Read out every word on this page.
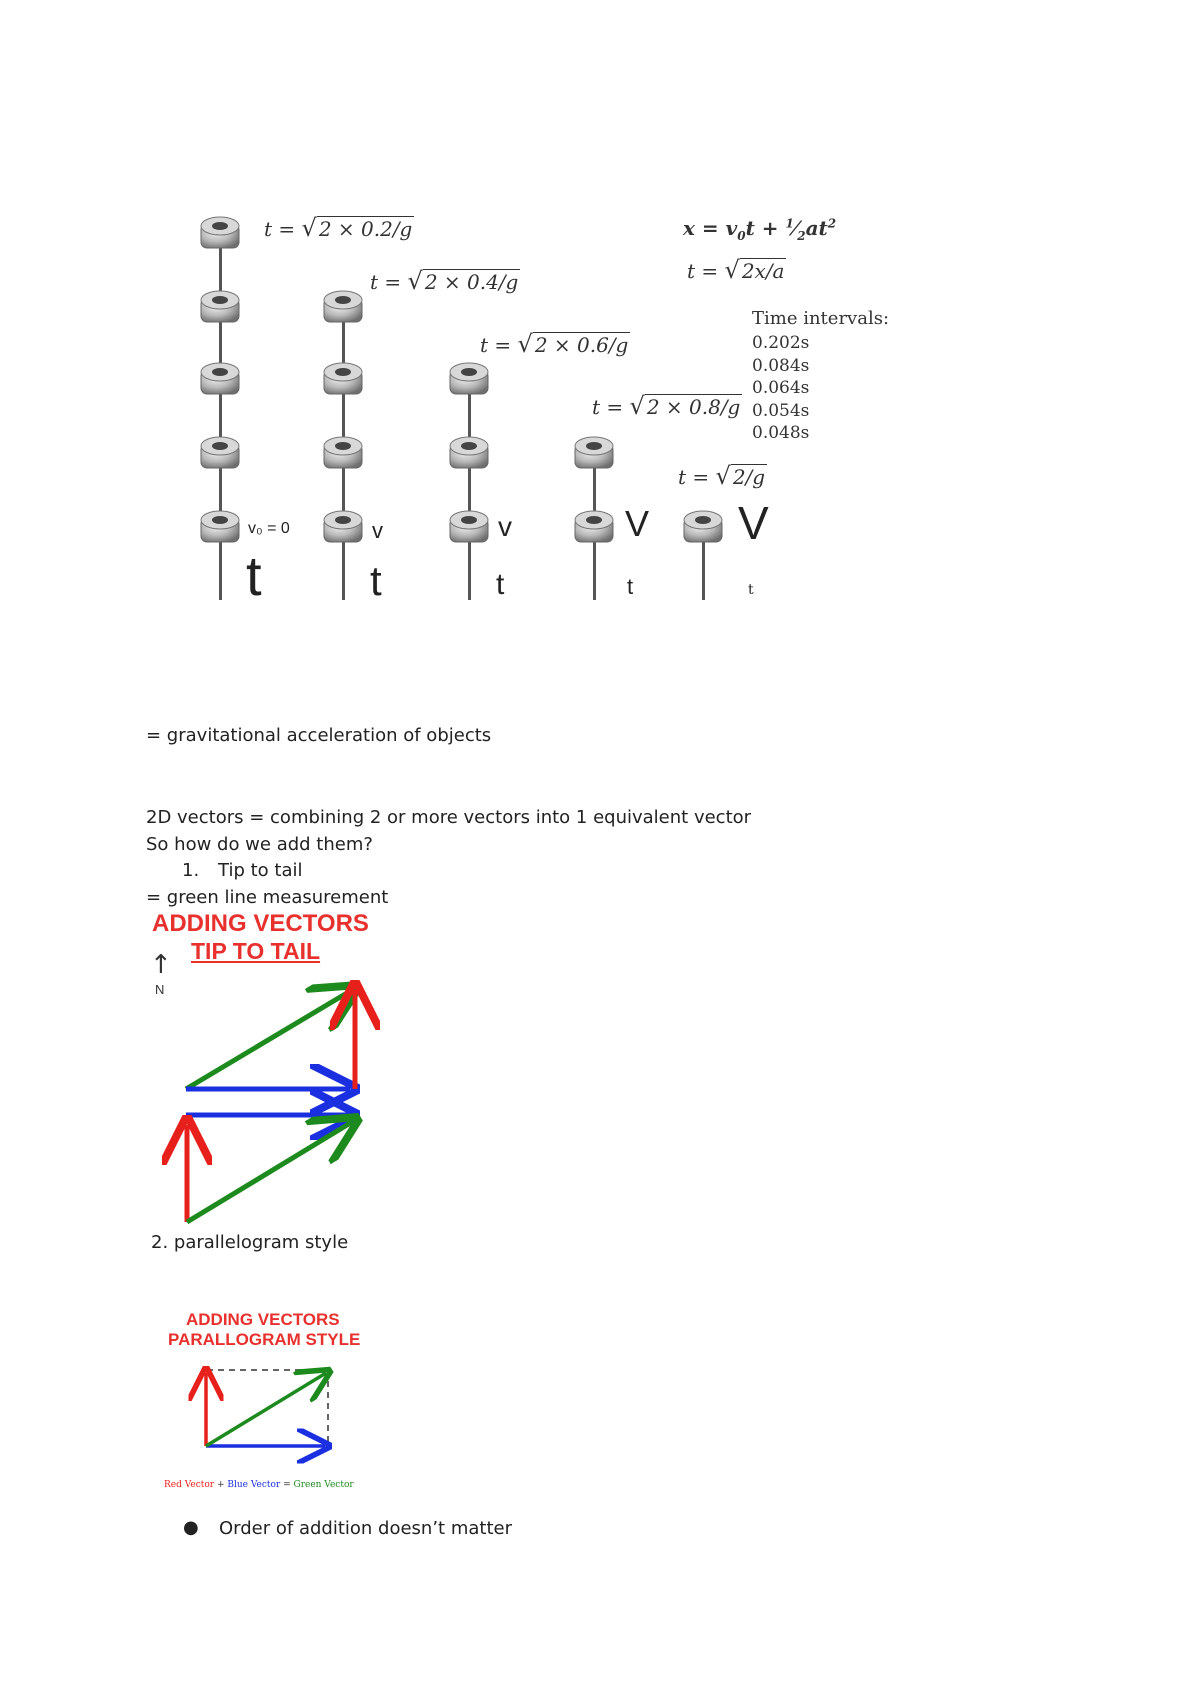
t = √ 2 × 0.2/g
t = √ 2 × 0.4/g
t = √ 2 × 0.6/g
t = √ 2 × 0.8/g
t = √ 2/g
$x = v_0t$ + $^1⁄_2at^2$
t = √ 2x/a
Time intervals:
0.202s
0.084s
0.064s
0.054s
0.048s
v₀ = 0	v	v	V V
t	t	t	t	t
= gravitational acceleration of objects
2D vectors = combining 2 or more vectors into 1 equivalent vector
So how do we add them?
1. Tip to tail
= green line measurement
ADDING VECTORS
TIP TO TAIL
↑
N
2. parallelogram style
ADDING VECTORS
PARALLOGRAM STYLE
Red Vector + Blue Vector = Green Vector
● Order of addition doesn’t matter
